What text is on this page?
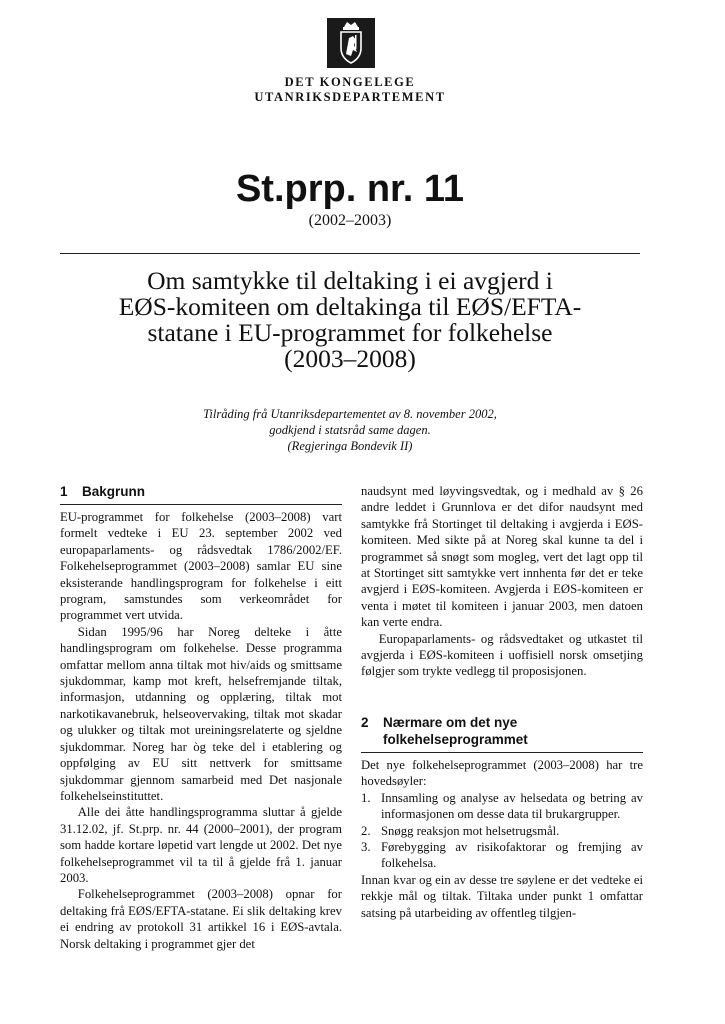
DET KONGELEGE
UTANRIKSDEPARTEMENT
St.prp. nr. 11
(2002–2003)
Om samtykke til deltaking i ei avgjerd i
EØS-komiteen om deltakinga til EØS/EFTA-
statane i EU-programmet for folkehelse
(2003–2008)
Tilråding frå Utanriksdepartementet av 8. november 2002,
godkjend i statsråd same dagen.
(Regjeringa Bondevik II)
1	Bakgrunn

EU-programmet for folkehelse (2003–2008) vart formelt vedteke i EU 23. september 2002 ved europaparlaments- og rådsvedtak 1786/2002/EF. Folkehelseprogrammet (2003–2008) samlar EU sine eksisterande handlingsprogram for folkehelse i eitt program, samstundes som verkeområdet for programmet vert utvida.

Sidan 1995/96 har Noreg delteke i åtte handlingsprogram om folkehelse. Desse programma omfattar mellom anna tiltak mot hiv/aids og smittsame sjukdommar, kamp mot kreft, helsefremjande tiltak, informasjon, utdanning og opplæring, tiltak mot narkotikavanebruk, helseovervaking, tiltak mot skadar og ulukker og tiltak mot ureiningsrelaterte og sjeldne sjukdommar. Noreg har òg teke del i etablering og oppfølging av EU sitt nettverk for smittsame sjukdommar gjennom samarbeid med Det nasjonale folkehelseinstituttet.

Alle dei åtte handlingsprogramma sluttar å gjelde 31.12.02, jf. St.prp. nr. 44 (2000–2001), der program som hadde kortare løpetid vart lengde ut 2002. Det nye folkehelseprogrammet vil ta til å gjelde frå 1. januar 2003.

Folkehelseprogrammet (2003–2008) opnar for deltaking frå EØS/EFTA-statane. Ei slik deltaking krev ei endring av protokoll 31 artikkel 16 i EØS-avtala. Norsk deltaking i programmet gjer det

naudsynt med løyvingsvedtak, og i medhald av § 26 andre leddet i Grunnlova er det difor naudsynt med samtykke frå Stortinget til deltaking i avgjerda i EØS-komiteen. Med sikte på at Noreg skal kunne ta del i programmet så snøgt som mogleg, vert det lagt opp til at Stortinget sitt samtykke vert innhenta før det er teke avgjerd i EØS-komiteen. Avgjerda i EØS-komiteen er venta i møtet til komiteen i januar 2003, men datoen kan verte endra.

Europaparlaments- og rådsvedtaket og utkastet til avgjerda i EØS-komiteen i uoffisiell norsk omsetjing følgjer som trykte vedlegg til proposisjonen.

2	Nærmare om det nye
folkehelseprogrammet

Det nye folkehelseprogrammet (2003–2008) har tre hovedsøyler:

1. Innsamling og analyse av helsedata og betring av informasjonen om desse data til brukargrupper.
2. Snøgg reaksjon mot helsetrugsmål.
3. Førebygging av risikofaktorar og fremjing av folkehelsa.

Innan kvar og ein av desse tre søylene er det vedteke ei rekkje mål og tiltak. Tiltaka under punkt 1 omfattar satsing på utarbeiding av offentleg tilgjen-
